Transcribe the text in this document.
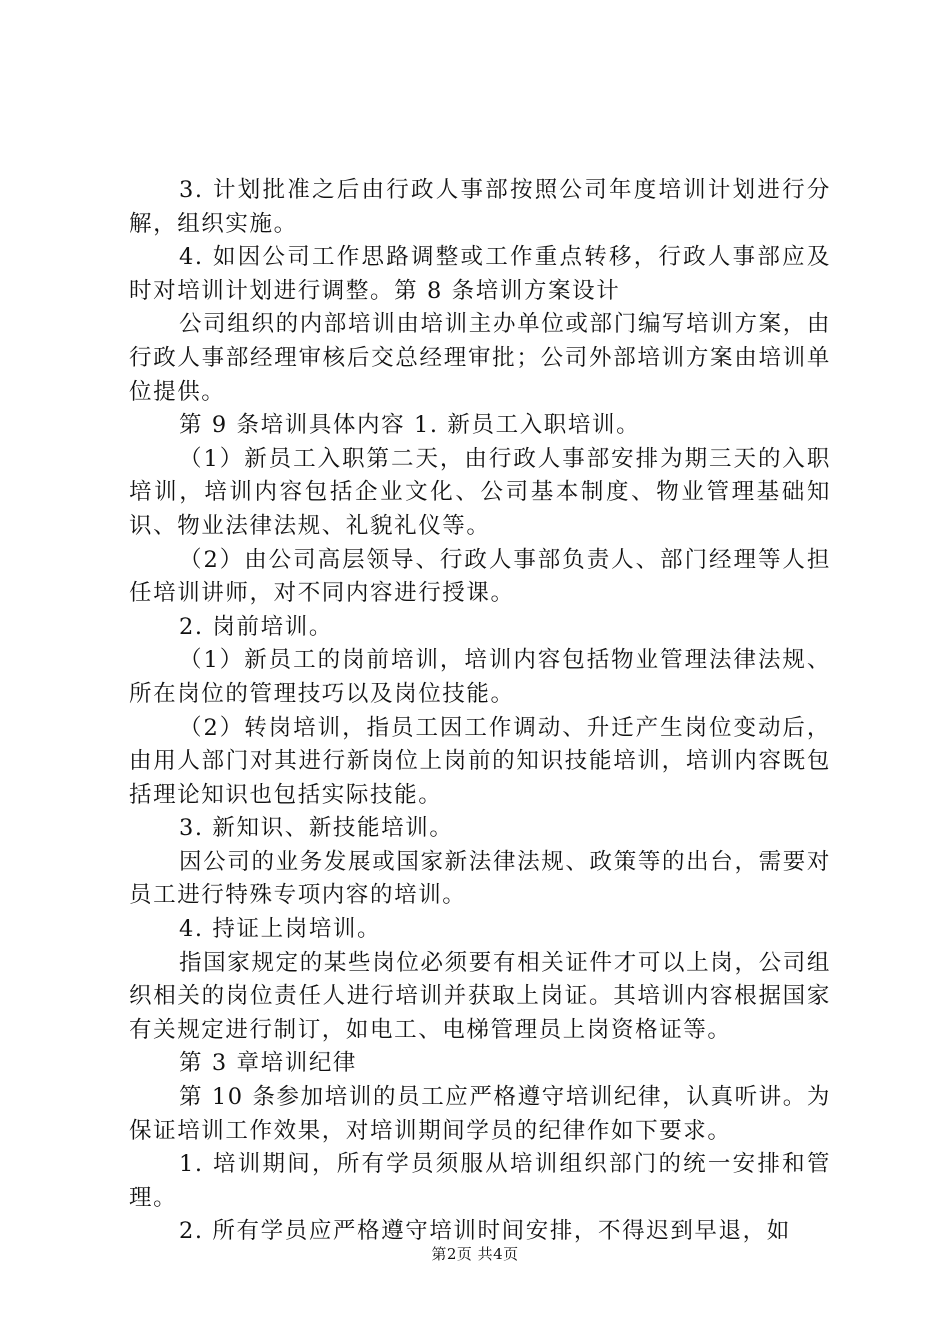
3. 计划批准之后由行政人事部按照公司年度培训计划进行分解，组织实施。

4. 如因公司工作思路调整或工作重点转移，行政人事部应及时对培训计划进行调整。第 8 条培训方案设计

公司组织的内部培训由培训主办单位或部门编写培训方案，由行政人事部经理审核后交总经理审批；公司外部培训方案由培训单位提供。

第 9 条培训具体内容 1. 新员工入职培训。

（1）新员工入职第二天，由行政人事部安排为期三天的入职培训，培训内容包括企业文化、公司基本制度、物业管理基础知识、物业法律法规、礼貌礼仪等。

（2）由公司高层领导、行政人事部负责人、部门经理等人担任培训讲师，对不同内容进行授课。

2. 岗前培训。

（1）新员工的岗前培训，培训内容包括物业管理法律法规、所在岗位的管理技巧以及岗位技能。

（2）转岗培训，指员工因工作调动、升迁产生岗位变动后，由用人部门对其进行新岗位上岗前的知识技能培训，培训内容既包括理论知识也包括实际技能。

3. 新知识、新技能培训。

因公司的业务发展或国家新法律法规、政策等的出台，需要对员工进行特殊专项内容的培训。

4. 持证上岗培训。

指国家规定的某些岗位必须要有相关证件才可以上岗，公司组织相关的岗位责任人进行培训并获取上岗证。其培训内容根据国家有关规定进行制订，如电工、电梯管理员上岗资格证等。

第 3 章培训纪律

第 10 条参加培训的员工应严格遵守培训纪律，认真听讲。为保证培训工作效果，对培训期间学员的纪律作如下要求。

1. 培训期间，所有学员须服从培训组织部门的统一安排和管理。

2. 所有学员应严格遵守培训时间安排，不得迟到早退，如

第2页 共4页
